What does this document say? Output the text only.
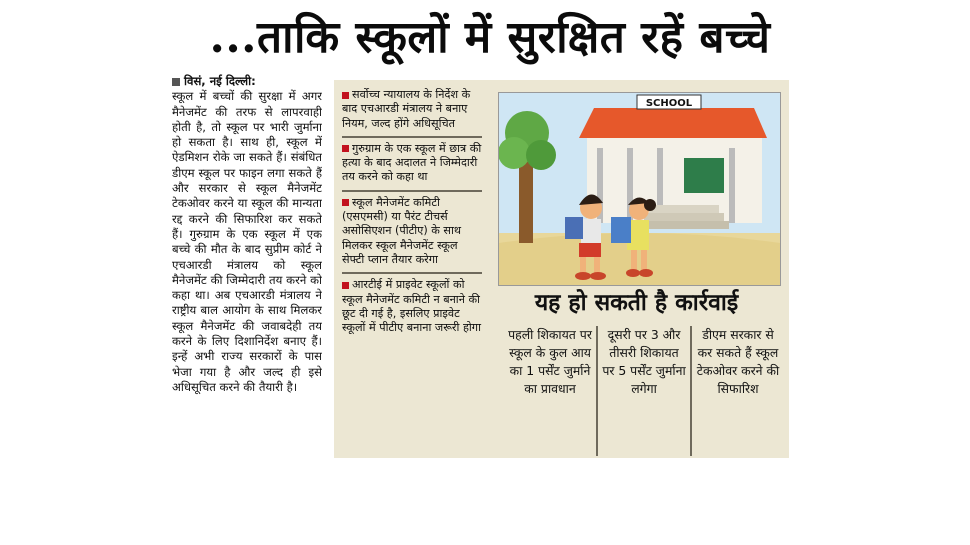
...ताकि स्कूलों में सुरक्षित रहें बच्चे
विसं, नई दिल्ली:

स्कूल में बच्चों की सुरक्षा में अगर मैनेजमेंट की तरफ से लापरवाही होती है, तो स्कूल पर भारी जुर्माना हो सकता है। साथ ही, स्कूल में ऐडमिशन रोके जा सकते हैं। संबंधित डीएम स्कूल पर फाइन लगा सकते हैं और सरकार से स्कूल मैनेजमेंट टेकओवर करने या स्कूल की मान्यता रद्द करने की सिफारिश कर सकते हैं। गुरुग्राम के एक स्कूल में एक बच्चे की मौत के बाद सुप्रीम कोर्ट ने एचआरडी मंत्रालय को स्कूल मैनेजमेंट की जिम्मेदारी तय करने को कहा था। अब एचआरडी मंत्रालय ने राष्ट्रीय बाल आयोग के साथ मिलकर स्कूल मैनेजमेंट की जवाबदेही तय करने के लिए दिशानिर्देश बनाए हैं। इन्हें अभी राज्य सरकारों के पास भेजा गया है और जल्द ही इसे अधिसूचित करने की तैयारी है।

सर्वोच्च न्यायालय के निर्देश के बाद एचआरडी मंत्रालय ने बनाए नियम, जल्द होंगे अधिसूचित
गुरुग्राम के एक स्कूल में छात्र की हत्या के बाद अदालत ने जिम्मेदारी तय करने को कहा था
स्कूल मैनेजमेंट कमिटी (एसएमसी) या पैरंट टीचर्स असोसिएशन (पीटीए) के साथ मिलकर स्कूल मैनेजमेंट स्कूल सेफ्टी प्लान तैयार करेगा
आरटीई में प्राइवेट स्कूलों को स्कूल मैनेजमेंट कमिटी न बनाने की छूट दी गई है, इसलिए प्राइवेट स्कूलों में पीटीए बनाना जरूरी होगा
SCHOOL
यह हो सकती है कार्रवाई
पहली शिकायत पर स्कूल के कुल आय का 1 पर्सेंट जुर्माने का प्रावधान
दूसरी पर 3 और तीसरी शिकायत पर 5 पर्सेंट जुर्माना लगेगा
डीएम सरकार से कर सकते हैं स्कूल टेकओवर करने की सिफारिश
